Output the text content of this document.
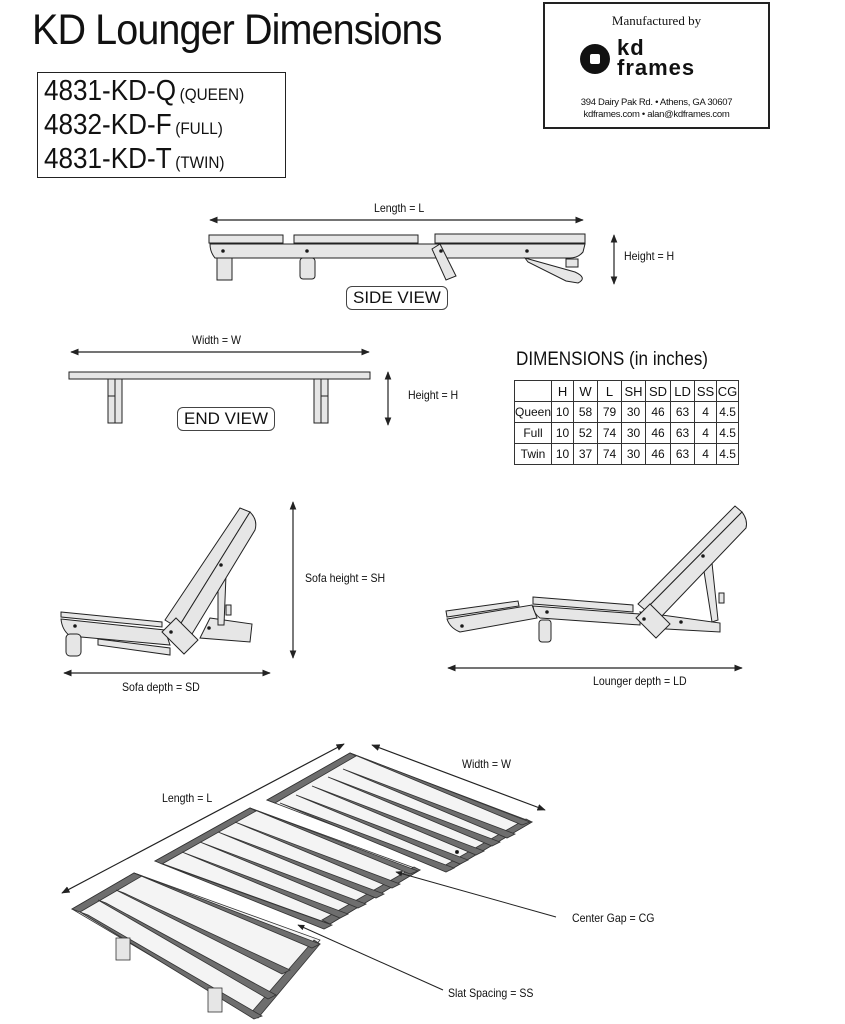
KD Lounger Dimensions
4831-KD-Q (QUEEN)
4832-KD-F (FULL)
4831-KD-T (TWIN)
Manufactured by
kd
frames
394 Dairy Pak Rd. • Athens, GA 30607
kdframes.com • alan@kdframes.com
Length = L
Height = H
SIDE VIEW
Width = W
Height = H
END VIEW
DIMENSIONS (in inches)
	H	W	L	SH	SD	LD	SS	CG
Queen	10	58	79	30	46	63	4	4.5
Full	10	52	74	30	46	63	4	4.5
Twin	10	37	74	30	46	63	4	4.5
Sofa height = SH
Sofa depth = SD	Lounger depth = LD
Length = L
Width = W
Center Gap = CG
Slat Spacing = SS
